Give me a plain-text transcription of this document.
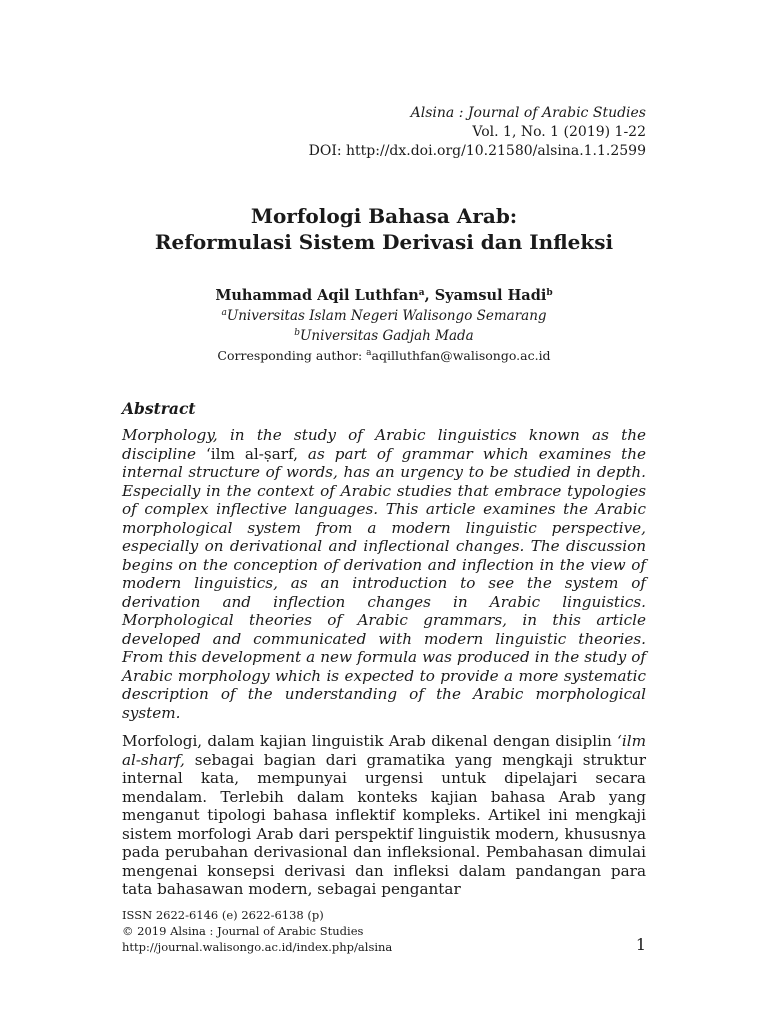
Alsina : Journal of Arabic Studies
Vol. 1, No. 1 (2019) 1-22
DOI: http://dx.doi.org/10.21580/alsina.1.1.2599
Morfologi Bahasa Arab:
Reformulasi Sistem Derivasi dan Infleksi
Muhammad Aqil Luthfan$^a$, Syamsul Hadi$^b$
$^a$Universitas Islam Negeri Walisongo Semarang
$^b$Universitas Gadjah Mada
Corresponding author: $^a$aqilluthfan@walisongo.ac.id
Abstract
Morphology, in the study of Arabic linguistics known as the discipline ‘ilm al-ṣarf, as part of grammar which examines the internal structure of words, has an urgency to be studied in depth. Especially in the context of Arabic studies that embrace typologies of complex inflective languages. This article examines the Arabic morphological system from a modern linguistic perspective, especially on derivational and inflectional changes. The discussion begins on the conception of derivation and inflection in the view of modern linguistics, as an introduction to see the system of derivation and inflection changes in Arabic linguistics. Morphological theories of Arabic grammars, in this article developed and communicated with modern linguistic theories. From this development a new formula was produced in the study of Arabic morphology which is expected to provide a more systematic description of the understanding of the Arabic morphological system.
Morfologi, dalam kajian linguistik Arab dikenal dengan disiplin ‘ilm al-sharf, sebagai bagian dari gramatika yang mengkaji struktur internal kata, mempunyai urgensi untuk dipelajari secara mendalam. Terlebih dalam konteks kajian bahasa Arab yang menganut tipologi bahasa inflektif kompleks. Artikel ini mengkaji sistem morfologi Arab dari perspektif linguistik modern, khususnya pada perubahan derivasional dan infleksional. Pembahasan dimulai mengenai konsepsi derivasi dan infleksi dalam pandangan para tata bahasawan modern, sebagai pengantar
ISSN 2622-6146 (e) 2622-6138 (p)
© 2019 Alsina : Journal of Arabic Studies
http://journal.walisongo.ac.id/index.php/alsina	1
